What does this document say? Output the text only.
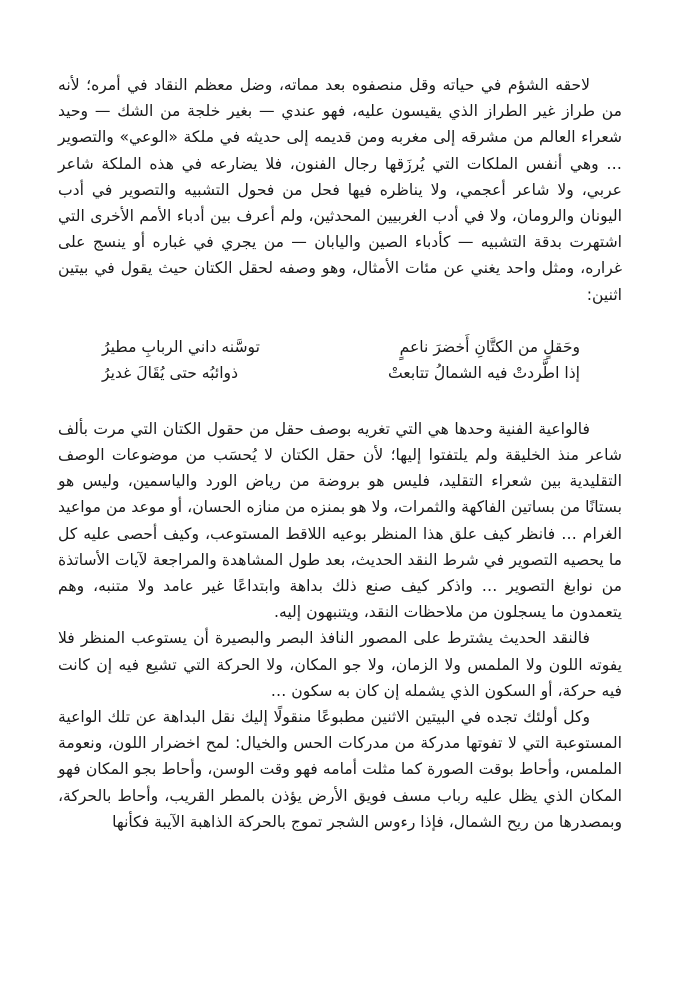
لاحقه الشؤم في حياته وقل منصفوه بعد مماته، وضل معظم النقاد في أمره؛ لأنه من طراز غير الطراز الذي يقيسون عليه، فهو عندي — بغير خلجة من الشك — وحيد شعراء العالم من مشرقه إلى مغربه ومن قديمه إلى حديثه في ملكة «الوعي» والتصوير … وهي أنفس الملكات التي يُرزَقها رجال الفنون، فلا يضارعه في هذه الملكة شاعر عربي، ولا شاعر أعجمي، ولا يناظره فيها فحل من فحول التشبيه والتصوير في أدب اليونان والرومان، ولا في أدب الغربيين المحدثين، ولم أعرف بين أدباء الأمم الأخرى التي اشتهرت بدقة التشبيه — كأدباء الصين واليابان — من يجري في غباره أو ينسج على غراره، ومثل واحد يغني عن مئات الأمثال، وهو وصفه لحقل الكتان حيث يقول في بيتين اثنين:

وحَقلٍ من الكتَّانِ أَخضرَ ناعمٍ
توسَّنه داني الربابِ مطيرُ
إذا اطَّردتْ فيه الشمالُ تتابعتْ
ذوائبُه حتى يُقَالَ غديرُ

فالواعية الفنية وحدها هي التي تغريه بوصف حقل من حقول الكتان التي مرت بألف شاعر منذ الخليقة ولم يلتفتوا إليها؛ لأن حقل الكتان لا يُحسَب من موضوعات الوصف التقليدية بين شعراء التقليد، فليس هو بروضة من رياض الورد والياسمين، وليس هو بستانًا من بساتين الفاكهة والثمرات، ولا هو بمنزه من منازه الحسان، أو موعد من مواعيد الغرام … فانظر كيف علق هذا المنظر بوعيه اللاقط المستوعب، وكيف أحصى عليه كل ما يحصيه التصوير في شرط النقد الحديث، بعد طول المشاهدة والمراجعة لآيات الأساتذة من نوابغ التصوير … واذكر كيف صنع ذلك بداهة وابتداعًا غير عامد ولا متنبه، وهم يتعمدون ما يسجلون من ملاحظات النقد، ويتنبهون إليه.

فالنقد الحديث يشترط على المصور النافذ البصر والبصيرة أن يستوعب المنظر فلا يفوته اللون ولا الملمس ولا الزمان، ولا جو المكان، ولا الحركة التي تشيع فيه إن كانت فيه حركة، أو السكون الذي يشمله إن كان به سكون …

وكل أولئك تجده في البيتين الاثنين مطبوعًا منقولًا إليك نقل البداهة عن تلك الواعية المستوعبة التي لا تفوتها مدركة من مدركات الحس والخيال: لمح اخضرار اللون، ونعومة الملمس، وأحاط بوقت الصورة كما مثلت أمامه فهو وقت الوسن، وأحاط بجو المكان فهو المكان الذي يظل عليه رباب مسف فويق الأرض يؤذن بالمطر القريب، وأحاط بالحركة، وبمصدرها من ريح الشمال، فإذا رءوس الشجر تموج بالحركة الذاهبة الآيبة فكأنها
